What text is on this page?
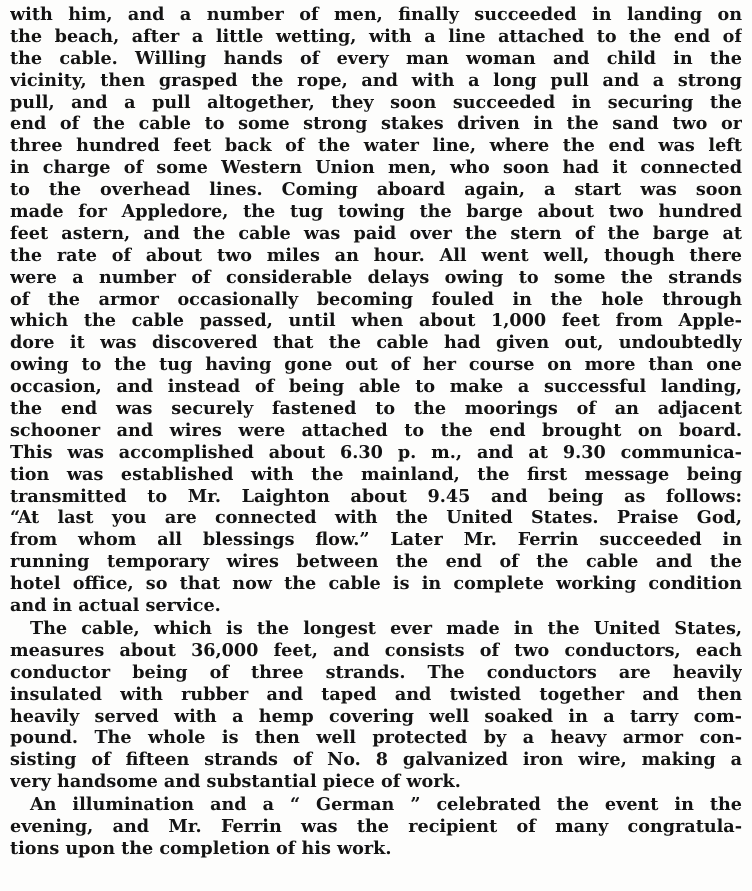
with him, and a number of men, finally succeeded in landing on
the beach, after a little wetting, with a line attached to the end of
the cable. Willing hands of every man woman and child in the
vicinity, then grasped the rope, and with a long pull and a strong
pull, and a pull altogether, they soon succeeded in securing the
end of the cable to some strong stakes driven in the sand two or
three hundred feet back of the water line, where the end was left
in charge of some Western Union men, who soon had it connected
to the overhead lines. Coming aboard again, a start was soon
made for Appledore, the tug towing the barge about two hundred
feet astern, and the cable was paid over the stern of the barge at
the rate of about two miles an hour. All went well, though there
were a number of considerable delays owing to some the strands
of the armor occasionally becoming fouled in the hole through
which the cable passed, until when about 1,000 feet from Apple-
dore it was discovered that the cable had given out, undoubtedly
owing to the tug having gone out of her course on more than one
occasion, and instead of being able to make a successful landing,
the end was securely fastened to the moorings of an adjacent
schooner and wires were attached to the end brought on board.
This was accomplished about 6.30 p. m., and at 9.30 communica-
tion was established with the mainland, the first message being
transmitted to Mr. Laighton about 9.45 and being as follows:
“At last you are connected with the United States. Praise God,
from whom all blessings flow.” Later Mr. Ferrin succeeded in
running temporary wires between the end of the cable and the
hotel office, so that now the cable is in complete working condition
and in actual service.
The cable, which is the longest ever made in the United States,
measures about 36,000 feet, and consists of two conductors, each
conductor being of three strands. The conductors are heavily
insulated with rubber and taped and twisted together and then
heavily served with a hemp covering well soaked in a tarry com-
pound. The whole is then well protected by a heavy armor con-
sisting of fifteen strands of No. 8 galvanized iron wire, making a
very handsome and substantial piece of work.
An illumination and a “ German ” celebrated the event in the
evening, and Mr. Ferrin was the recipient of many congratula-
tions upon the completion of his work.
